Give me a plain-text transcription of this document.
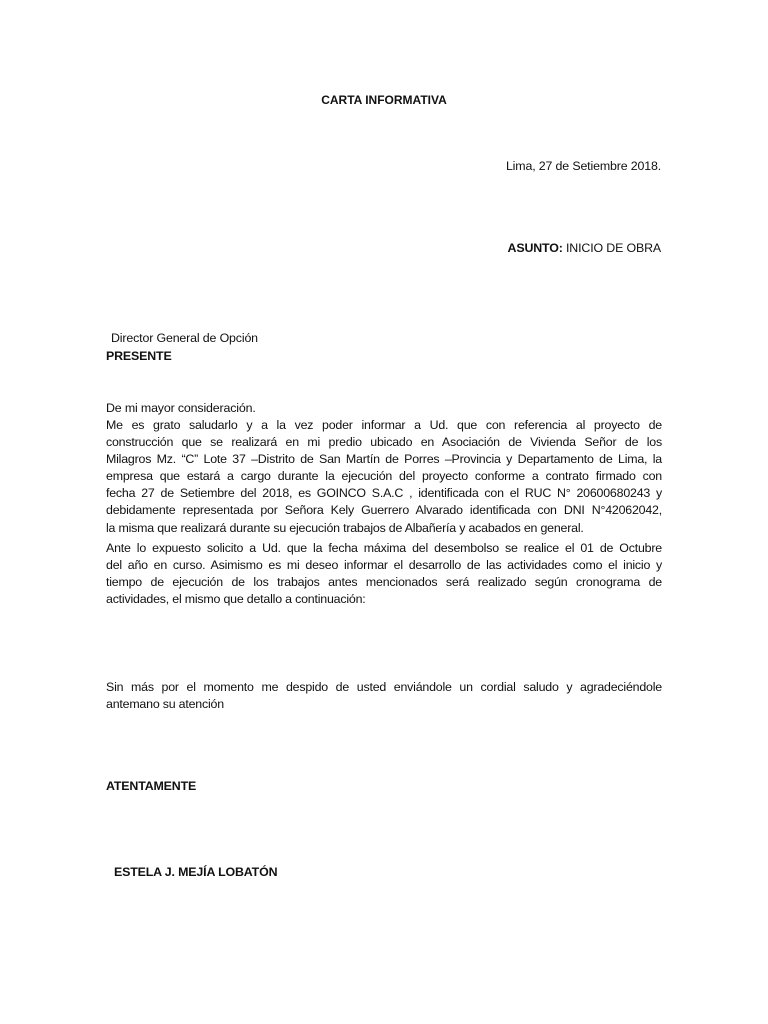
CARTA INFORMATIVA
Lima, 27 de Setiembre 2018.
ASUNTO: INICIO DE OBRA
Director General de Opción
PRESENTE
De mi mayor consideración.
Me es grato saludarlo y a la vez poder informar a Ud. que con referencia al proyecto de
construcción que se realizará en mi predio ubicado en Asociación de Vivienda Señor de los
Milagros Mz. “C” Lote 37 –Distrito de San Martín de Porres –Provincia y Departamento de Lima, la
empresa que estará a cargo durante la ejecución del proyecto conforme a contrato firmado con
fecha 27 de Setiembre del 2018, es GOINCO S.A.C , identificada con el RUC N° 20600680243 y
debidamente representada por Señora Kely Guerrero Alvarado identificada con DNI N°42062042,
la misma que realizará durante su ejecución trabajos de Albañería y acabados en general.
Ante lo expuesto solicito a Ud. que la fecha máxima del desembolso se realice el 01 de Octubre
del año en curso. Asimismo es mi deseo informar el desarrollo de las actividades como el inicio y
tiempo de ejecución de los trabajos antes mencionados será realizado según cronograma de
actividades, el mismo que detallo a continuación:
Sin más por el momento me despido de usted enviándole un cordial saludo y agradeciéndole
antemano su atención
ATENTAMENTE
ESTELA J. MEJÍA LOBATÓN
